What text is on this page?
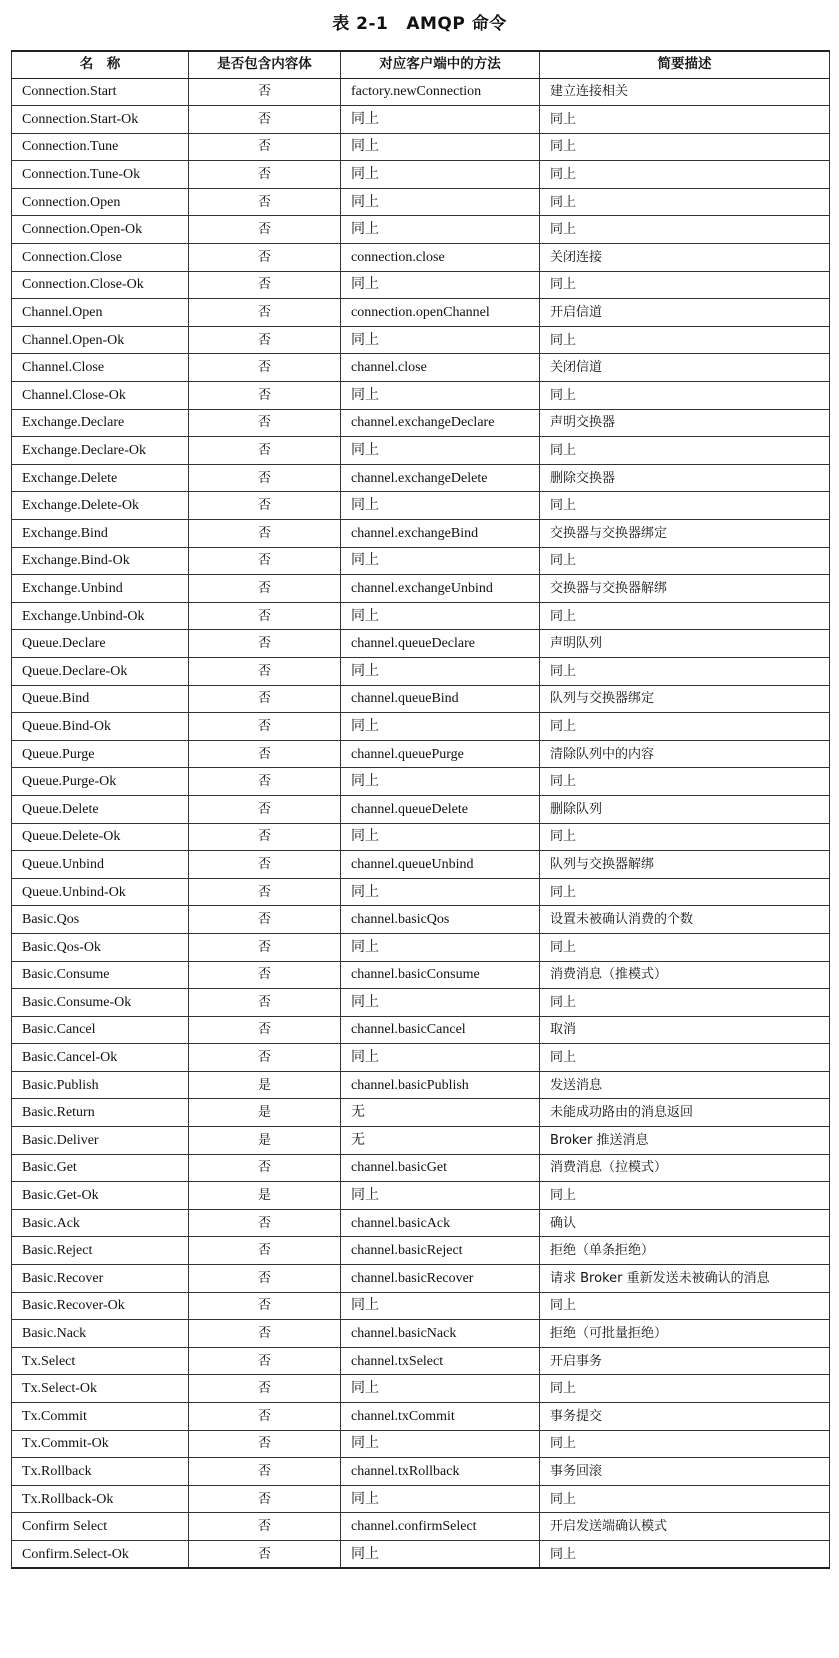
表 2-1 AMQP 命令
名　称	是否包含内容体	对应客户端中的方法	简要描述
Connection.Start	否	factory.newConnection	建立连接相关
Connection.Start-Ok	否	同上	同上
Connection.Tune	否	同上	同上
Connection.Tune-Ok	否	同上	同上
Connection.Open	否	同上	同上
Connection.Open-Ok	否	同上	同上
Connection.Close	否	connection.close	关闭连接
Connection.Close-Ok	否	同上	同上
Channel.Open	否	connection.openChannel	开启信道
Channel.Open-Ok	否	同上	同上
Channel.Close	否	channel.close	关闭信道
Channel.Close-Ok	否	同上	同上
Exchange.Declare	否	channel.exchangeDeclare	声明交换器
Exchange.Declare-Ok	否	同上	同上
Exchange.Delete	否	channel.exchangeDelete	删除交换器
Exchange.Delete-Ok	否	同上	同上
Exchange.Bind	否	channel.exchangeBind	交换器与交换器绑定
Exchange.Bind-Ok	否	同上	同上
Exchange.Unbind	否	channel.exchangeUnbind	交换器与交换器解绑
Exchange.Unbind-Ok	否	同上	同上
Queue.Declare	否	channel.queueDeclare	声明队列
Queue.Declare-Ok	否	同上	同上
Queue.Bind	否	channel.queueBind	队列与交换器绑定
Queue.Bind-Ok	否	同上	同上
Queue.Purge	否	channel.queuePurge	清除队列中的内容
Queue.Purge-Ok	否	同上	同上
Queue.Delete	否	channel.queueDelete	删除队列
Queue.Delete-Ok	否	同上	同上
Queue.Unbind	否	channel.queueUnbind	队列与交换器解绑
Queue.Unbind-Ok	否	同上	同上
Basic.Qos	否	channel.basicQos	设置未被确认消费的个数
Basic.Qos-Ok	否	同上	同上
Basic.Consume	否	channel.basicConsume	消费消息（推模式）
Basic.Consume-Ok	否	同上	同上
Basic.Cancel	否	channel.basicCancel	取消
Basic.Cancel-Ok	否	同上	同上
Basic.Publish	是	channel.basicPublish	发送消息
Basic.Return	是	无	未能成功路由的消息返回
Basic.Deliver	是	无	Broker 推送消息
Basic.Get	否	channel.basicGet	消费消息（拉模式）
Basic.Get-Ok	是	同上	同上
Basic.Ack	否	channel.basicAck	确认
Basic.Reject	否	channel.basicReject	拒绝（单条拒绝）
Basic.Recover	否	channel.basicRecover	请求 Broker 重新发送未被确认的消息
Basic.Recover-Ok	否	同上	同上
Basic.Nack	否	channel.basicNack	拒绝（可批量拒绝）
Tx.Select	否	channel.txSelect	开启事务
Tx.Select-Ok	否	同上	同上
Tx.Commit	否	channel.txCommit	事务提交
Tx.Commit-Ok	否	同上	同上
Tx.Rollback	否	channel.txRollback	事务回滚
Tx.Rollback-Ok	否	同上	同上
Confirm Select	否	channel.confirmSelect	开启发送端确认模式
Confirm.Select-Ok	否	同上	同上
